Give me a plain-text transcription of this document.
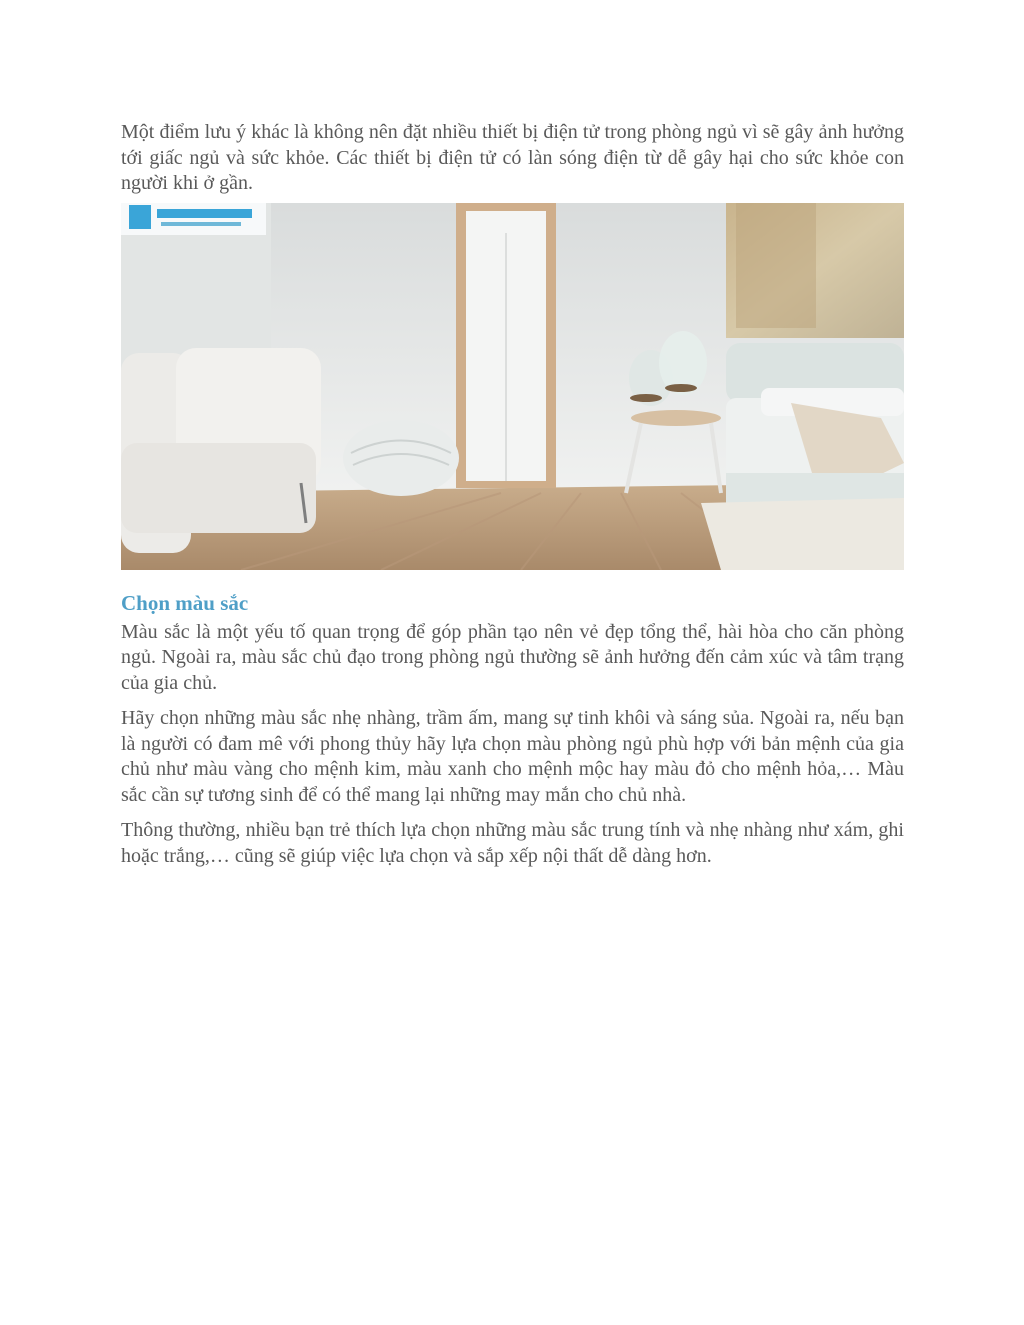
Một điểm lưu ý khác là không nên đặt nhiều thiết bị điện tử trong phòng ngủ vì sẽ gây ảnh hưởng tới giấc ngủ và sức khỏe. Các thiết bị điện tử có làn sóng điện từ dễ gây hại cho sức khỏe con người khi ở gần.

Chọn màu sắc

Màu sắc là một yếu tố quan trọng để góp phần tạo nên vẻ đẹp tổng thể, hài hòa cho căn phòng ngủ. Ngoài ra, màu sắc chủ đạo trong phòng ngủ thường sẽ ảnh hưởng đến cảm xúc và tâm trạng của gia chủ.

Hãy chọn những màu sắc nhẹ nhàng, trầm ấm, mang sự tinh khôi và sáng sủa. Ngoài ra, nếu bạn là người có đam mê với phong thủy hãy lựa chọn màu phòng ngủ phù hợp với bản mệnh của gia chủ như màu vàng cho mệnh kim, màu xanh cho mệnh mộc hay màu đỏ cho mệnh hỏa,… Màu sắc cần sự tương sinh để có thể mang lại những may mắn cho chủ nhà.

Thông thường, nhiều bạn trẻ thích lựa chọn những màu sắc trung tính và nhẹ nhàng như xám, ghi hoặc trắng,… cũng sẽ giúp việc lựa chọn và sắp xếp nội thất dễ dàng hơn.
